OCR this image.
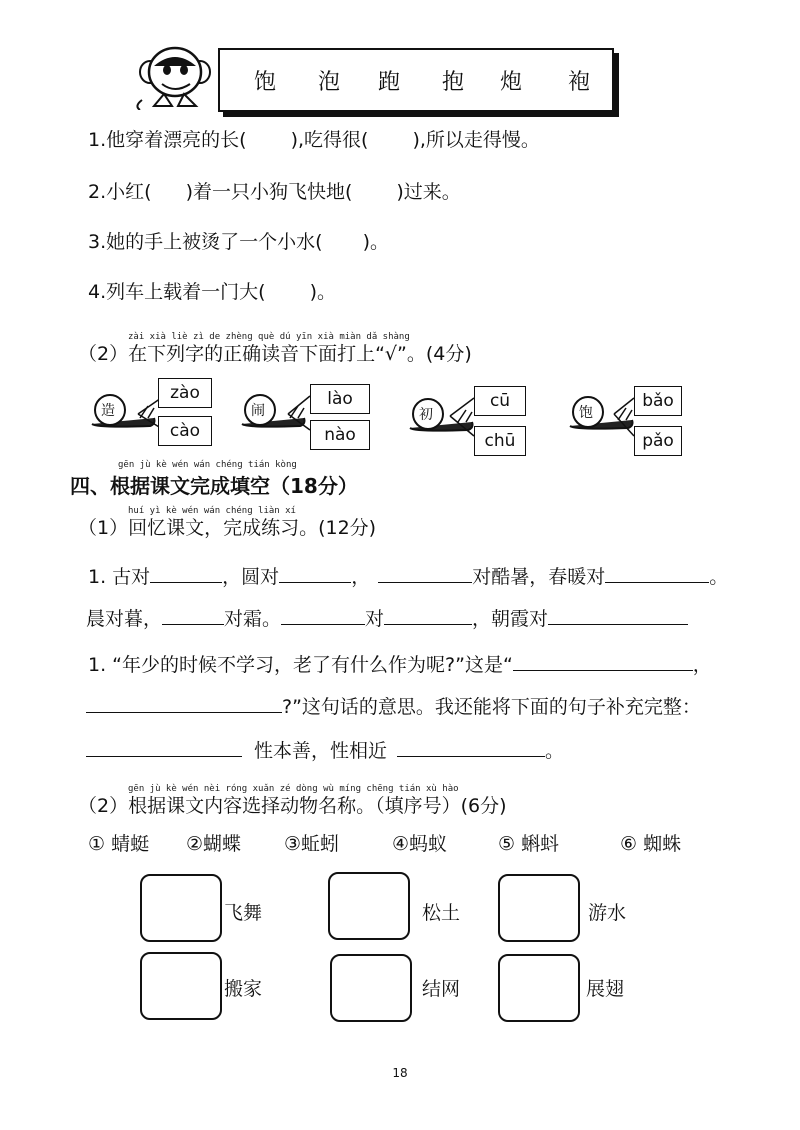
饱 泡 跑 抱 炮 袍
1.他穿着漂亮的长( ),吃得很( ),所以走得慢。
2.小红( )着一只小狗飞快地( )过来。
3.她的手上被烫了一个小水( )。
4.列车上载着一门大( )。
zài xià liè zì de zhèng què dú yīn xià miàn dǎ shàng
（2）在下列字的正确读音下面打上“√”。(4分)
造
zào
cào
闹
lào
nào
初
cū
chū
饱
bǎo
pǎo
gēn jù kè wén wán chéng tián kòng
四、根据课文完成填空（18分）
huí yì kè wén wán chéng liàn xí
（1）回忆课文，完成练习。(12分)
1. 古对	，圆对	，	对酷暑，春暖对	。
晨对暮，	对霜。	对	，朝霞对
1. “年少的时候不学习，老了有什么作为呢?”这是“	，
?”这句话的意思。我还能将下面的句子补充完整：
性本善，性相近	。
gēn jù kè wén nèi róng xuǎn zé dòng wù míng chēng tián xù hào
（2）根据课文内容选择动物名称。（填序号）(6分)
① 蜻蜓 ②蝴蝶 ③蚯蚓	④蚂蚁	⑤ 蝌蚪	⑥ 蜘蛛
飞舞	松土	游水
搬家	结网	展翅
18
